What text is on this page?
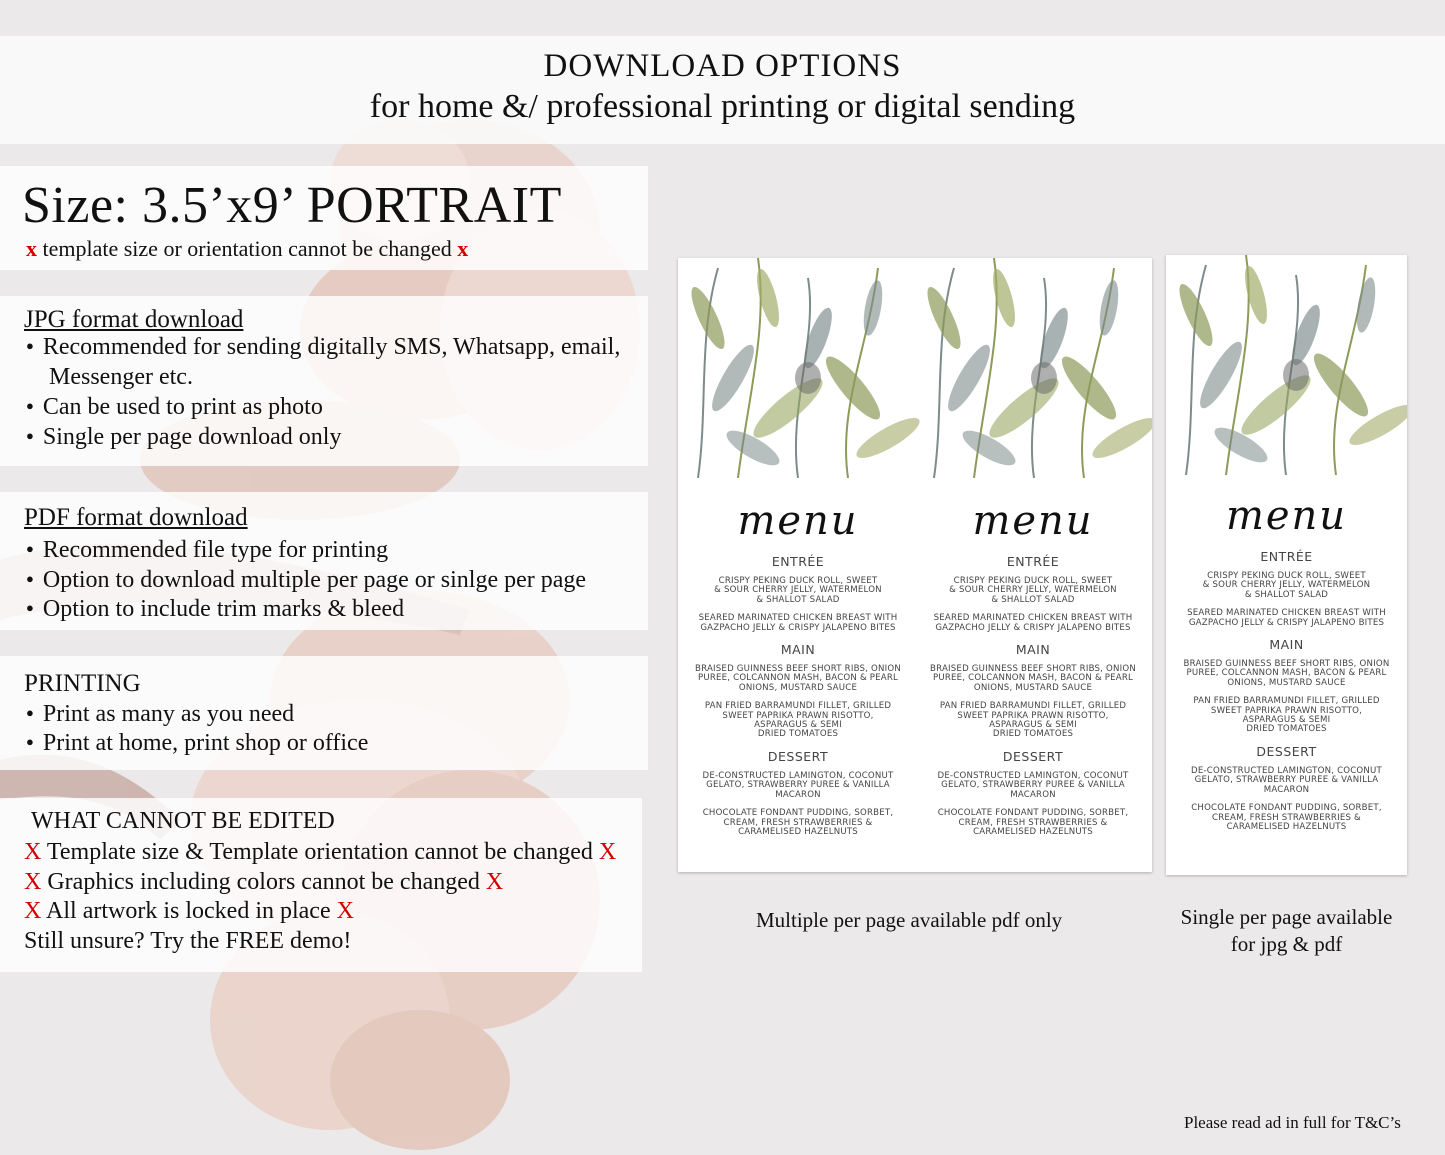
DOWNLOAD OPTIONS
for home &/ professional printing or digital sending
Size: 3.5’x9’ PORTRAIT
x template size or orientation cannot be changed x
JPG format download
● Recommended for sending digitally SMS, Whatsapp, email,
Messenger etc.
● Can be used to print as photo
● Single per page download only
PDF format download
● Recommended file type for printing
● Option to download multiple per page or sinlge per page
● Option to include trim marks & bleed
PRINTING
● Print as many as you need
● Print at home, print shop or office
WHAT CANNOT BE EDITED
X Template size & Template orientation cannot be changed X
X Graphics including colors cannot be changed X
X All artwork is locked in place X
Still unsure? Try the FREE demo!
menu
ENTRÉE
CRISPY PEKING DUCK ROLL, SWEET
& SOUR CHERRY JELLY, WATERMELON
& SHALLOT SALAD
SEARED MARINATED CHICKEN BREAST WITH
GAZPACHO JELLY & CRISPY JALAPENO BITES
MAIN
BRAISED GUINNESS BEEF SHORT RIBS, ONION
PUREE, COLCANNON MASH, BACON & PEARL
ONIONS, MUSTARD SAUCE
PAN FRIED BARRAMUNDI FILLET, GRILLED
SWEET PAPRIKA PRAWN RISOTTO,
ASPARAGUS & SEMI
DRIED TOMATOES
DESSERT
DE-CONSTRUCTED LAMINGTON, COCONUT
GELATO, STRAWBERRY PUREE & VANILLA
MACARON
CHOCOLATE FONDANT PUDDING, SORBET,
CREAM, FRESH STRAWBERRIES &
CARAMELISED HAZELNUTS
menu
ENTRÉE
CRISPY PEKING DUCK ROLL, SWEET
& SOUR CHERRY JELLY, WATERMELON
& SHALLOT SALAD
SEARED MARINATED CHICKEN BREAST WITH
GAZPACHO JELLY & CRISPY JALAPENO BITES
MAIN
BRAISED GUINNESS BEEF SHORT RIBS, ONION
PUREE, COLCANNON MASH, BACON & PEARL
ONIONS, MUSTARD SAUCE
PAN FRIED BARRAMUNDI FILLET, GRILLED
SWEET PAPRIKA PRAWN RISOTTO,
ASPARAGUS & SEMI
DRIED TOMATOES
DESSERT
DE-CONSTRUCTED LAMINGTON, COCONUT
GELATO, STRAWBERRY PUREE & VANILLA
MACARON
CHOCOLATE FONDANT PUDDING, SORBET,
CREAM, FRESH STRAWBERRIES &
CARAMELISED HAZELNUTS
menu
ENTRÉE
CRISPY PEKING DUCK ROLL, SWEET
& SOUR CHERRY JELLY, WATERMELON
& SHALLOT SALAD
SEARED MARINATED CHICKEN BREAST WITH
GAZPACHO JELLY & CRISPY JALAPENO BITES
MAIN
BRAISED GUINNESS BEEF SHORT RIBS, ONION
PUREE, COLCANNON MASH, BACON & PEARL
ONIONS, MUSTARD SAUCE
PAN FRIED BARRAMUNDI FILLET, GRILLED
SWEET PAPRIKA PRAWN RISOTTO,
ASPARAGUS & SEMI
DRIED TOMATOES
DESSERT
DE-CONSTRUCTED LAMINGTON, COCONUT
GELATO, STRAWBERRY PUREE & VANILLA
MACARON
CHOCOLATE FONDANT PUDDING, SORBET,
CREAM, FRESH STRAWBERRIES &
CARAMELISED HAZELNUTS
Multiple per page available pdf only	Single per page available
for jpg & pdf
Please read ad in full for T&C’s
